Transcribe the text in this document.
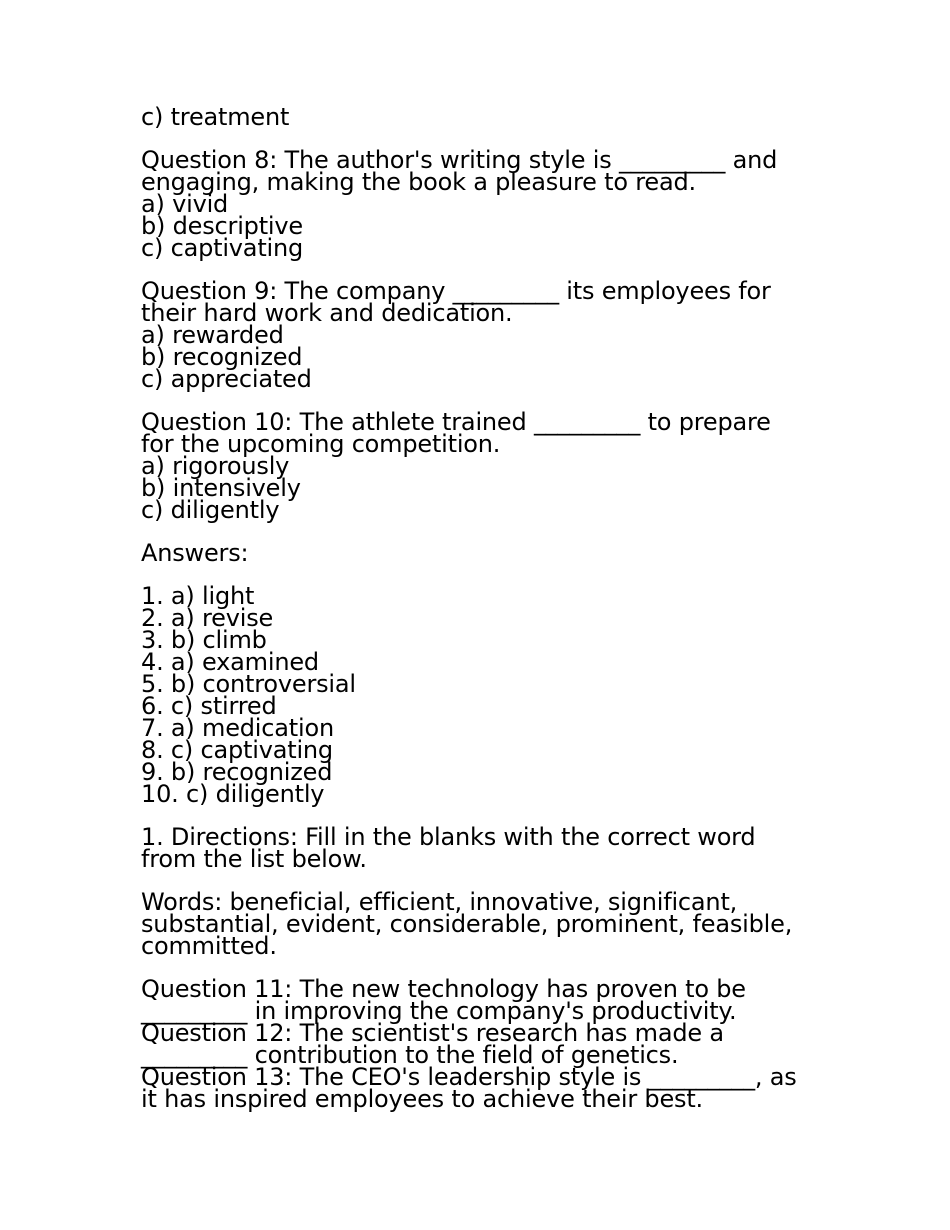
c) treatment
Question 8: The author's writing style is _________ and
engaging, making the book a pleasure to read.
a) vivid
b) descriptive
c) captivating
Question 9: The company _________ its employees for
their hard work and dedication.
a) rewarded
b) recognized
c) appreciated
Question 10: The athlete trained _________ to prepare
for the upcoming competition.
a) rigorously
b) intensively
c) diligently
Answers:
1. a) light
2. a) revise
3. b) climb
4. a) examined
5. b) controversial
6. c) stirred
7. a) medication
8. c) captivating
9. b) recognized
10. c) diligently
1. Directions: Fill in the blanks with the correct word
from the list below.
Words: beneficial, efficient, innovative, significant,
substantial, evident, considerable, prominent, feasible,
committed.
Question 11: The new technology has proven to be
_________ in improving the company's productivity.
Question 12: The scientist's research has made a
_________ contribution to the field of genetics.
Question 13: The CEO's leadership style is _________, as
it has inspired employees to achieve their best.
